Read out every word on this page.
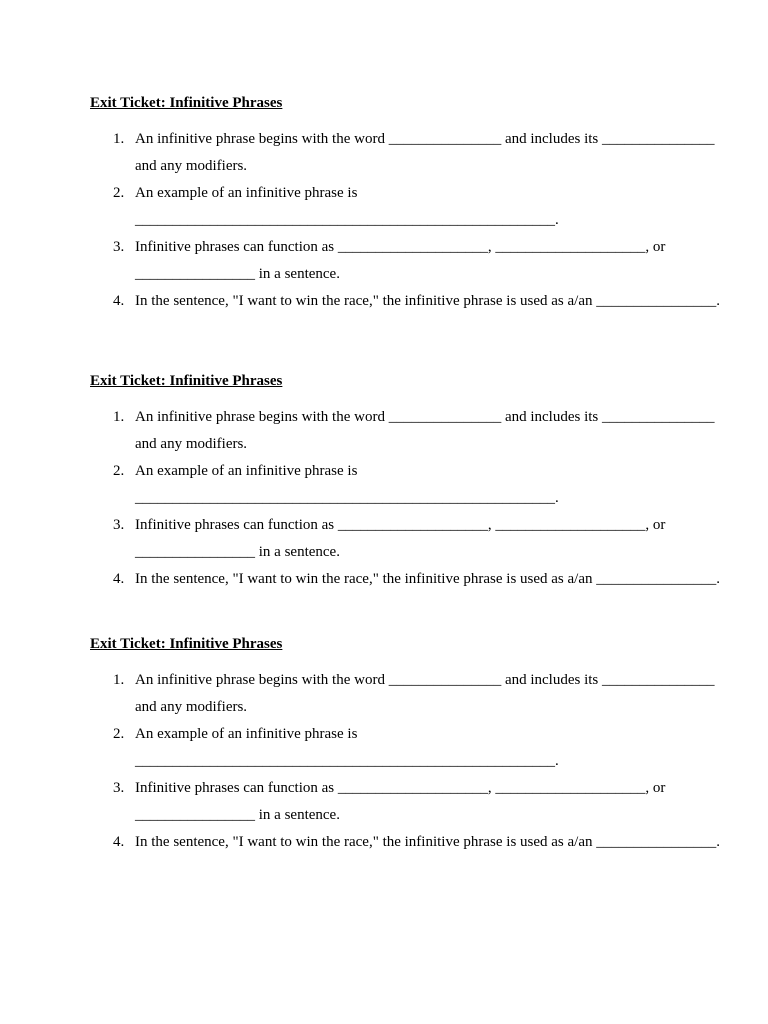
Exit Ticket: Infinitive Phrases
1. An infinitive phrase begins with the word _______________ and includes its _______________
and any modifiers.
2. An example of an infinitive phrase is
________________________________________________________.
3. Infinitive phrases can function as ____________________, ____________________, or
________________ in a sentence.
4. In the sentence, "I want to win the race," the infinitive phrase is used as a/an ________________.
Exit Ticket: Infinitive Phrases
1. An infinitive phrase begins with the word _______________ and includes its _______________
and any modifiers.
2. An example of an infinitive phrase is
________________________________________________________.
3. Infinitive phrases can function as ____________________, ____________________, or
________________ in a sentence.
4. In the sentence, "I want to win the race," the infinitive phrase is used as a/an ________________.
Exit Ticket: Infinitive Phrases
1. An infinitive phrase begins with the word _______________ and includes its _______________
and any modifiers.
2. An example of an infinitive phrase is
________________________________________________________.
3. Infinitive phrases can function as ____________________, ____________________, or
________________ in a sentence.
4. In the sentence, "I want to win the race," the infinitive phrase is used as a/an ________________.
